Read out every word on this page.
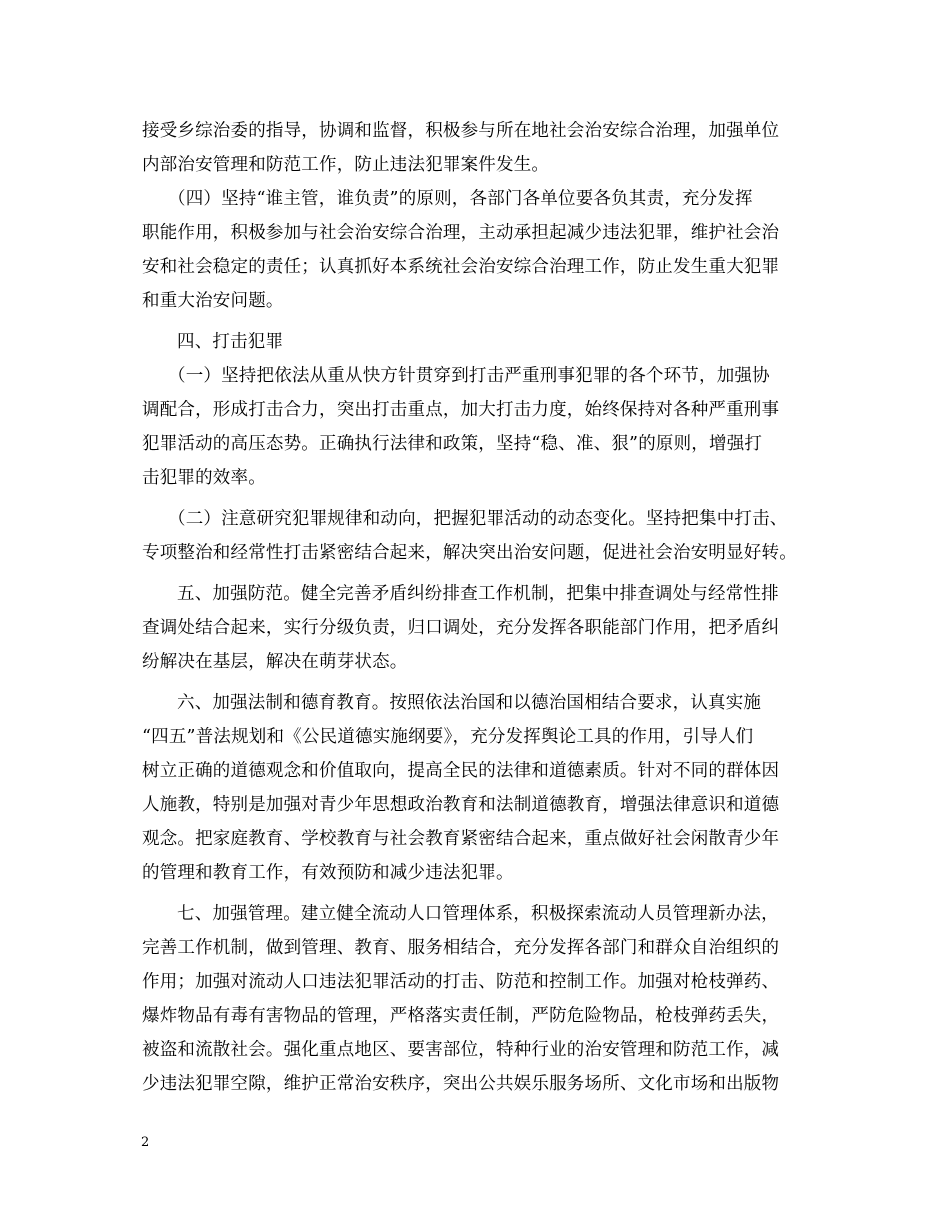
接受乡综治委的指导，协调和监督，积极参与所在地社会治安综合治理，加强单位
内部治安管理和防范工作，防止违法犯罪案件发生。
（四）坚持“谁主管，谁负责”的原则，各部门各单位要各负其责，充分发挥
职能作用，积极参加与社会治安综合治理，主动承担起减少违法犯罪，维护社会治
安和社会稳定的责任；认真抓好本系统社会治安综合治理工作，防止发生重大犯罪
和重大治安问题。
四、打击犯罪
（一）坚持把依法从重从快方针贯穿到打击严重刑事犯罪的各个环节，加强协
调配合，形成打击合力，突出打击重点，加大打击力度，始终保持对各种严重刑事
犯罪活动的高压态势。正确执行法律和政策，坚持“稳、准、狠”的原则，增强打
击犯罪的效率。
（二）注意研究犯罪规律和动向，把握犯罪活动的动态变化。坚持把集中打击、
专项整治和经常性打击紧密结合起来，解决突出治安问题，促进社会治安明显好转。
五、加强防范。健全完善矛盾纠纷排查工作机制，把集中排查调处与经常性排
查调处结合起来，实行分级负责，归口调处，充分发挥各职能部门作用，把矛盾纠
纷解决在基层，解决在萌芽状态。
六、加强法制和德育教育。按照依法治国和以德治国相结合要求，认真实施
“四五”普法规划和《公民道德实施纲要》，充分发挥舆论工具的作用，引导人们
树立正确的道德观念和价值取向，提高全民的法律和道德素质。针对不同的群体因
人施教，特别是加强对青少年思想政治教育和法制道德教育，增强法律意识和道德
观念。把家庭教育、学校教育与社会教育紧密结合起来，重点做好社会闲散青少年
的管理和教育工作，有效预防和减少违法犯罪。
七、加强管理。建立健全流动人口管理体系，积极探索流动人员管理新办法，
完善工作机制，做到管理、教育、服务相结合，充分发挥各部门和群众自治组织的
作用；加强对流动人口违法犯罪活动的打击、防范和控制工作。加强对枪枝弹药、
爆炸物品有毒有害物品的管理，严格落实责任制，严防危险物品，枪枝弹药丢失，
被盗和流散社会。强化重点地区、要害部位，特种行业的治安管理和防范工作，减
少违法犯罪空隙，维护正常治安秩序，突出公共娱乐服务场所、文化市场和出版物
2
